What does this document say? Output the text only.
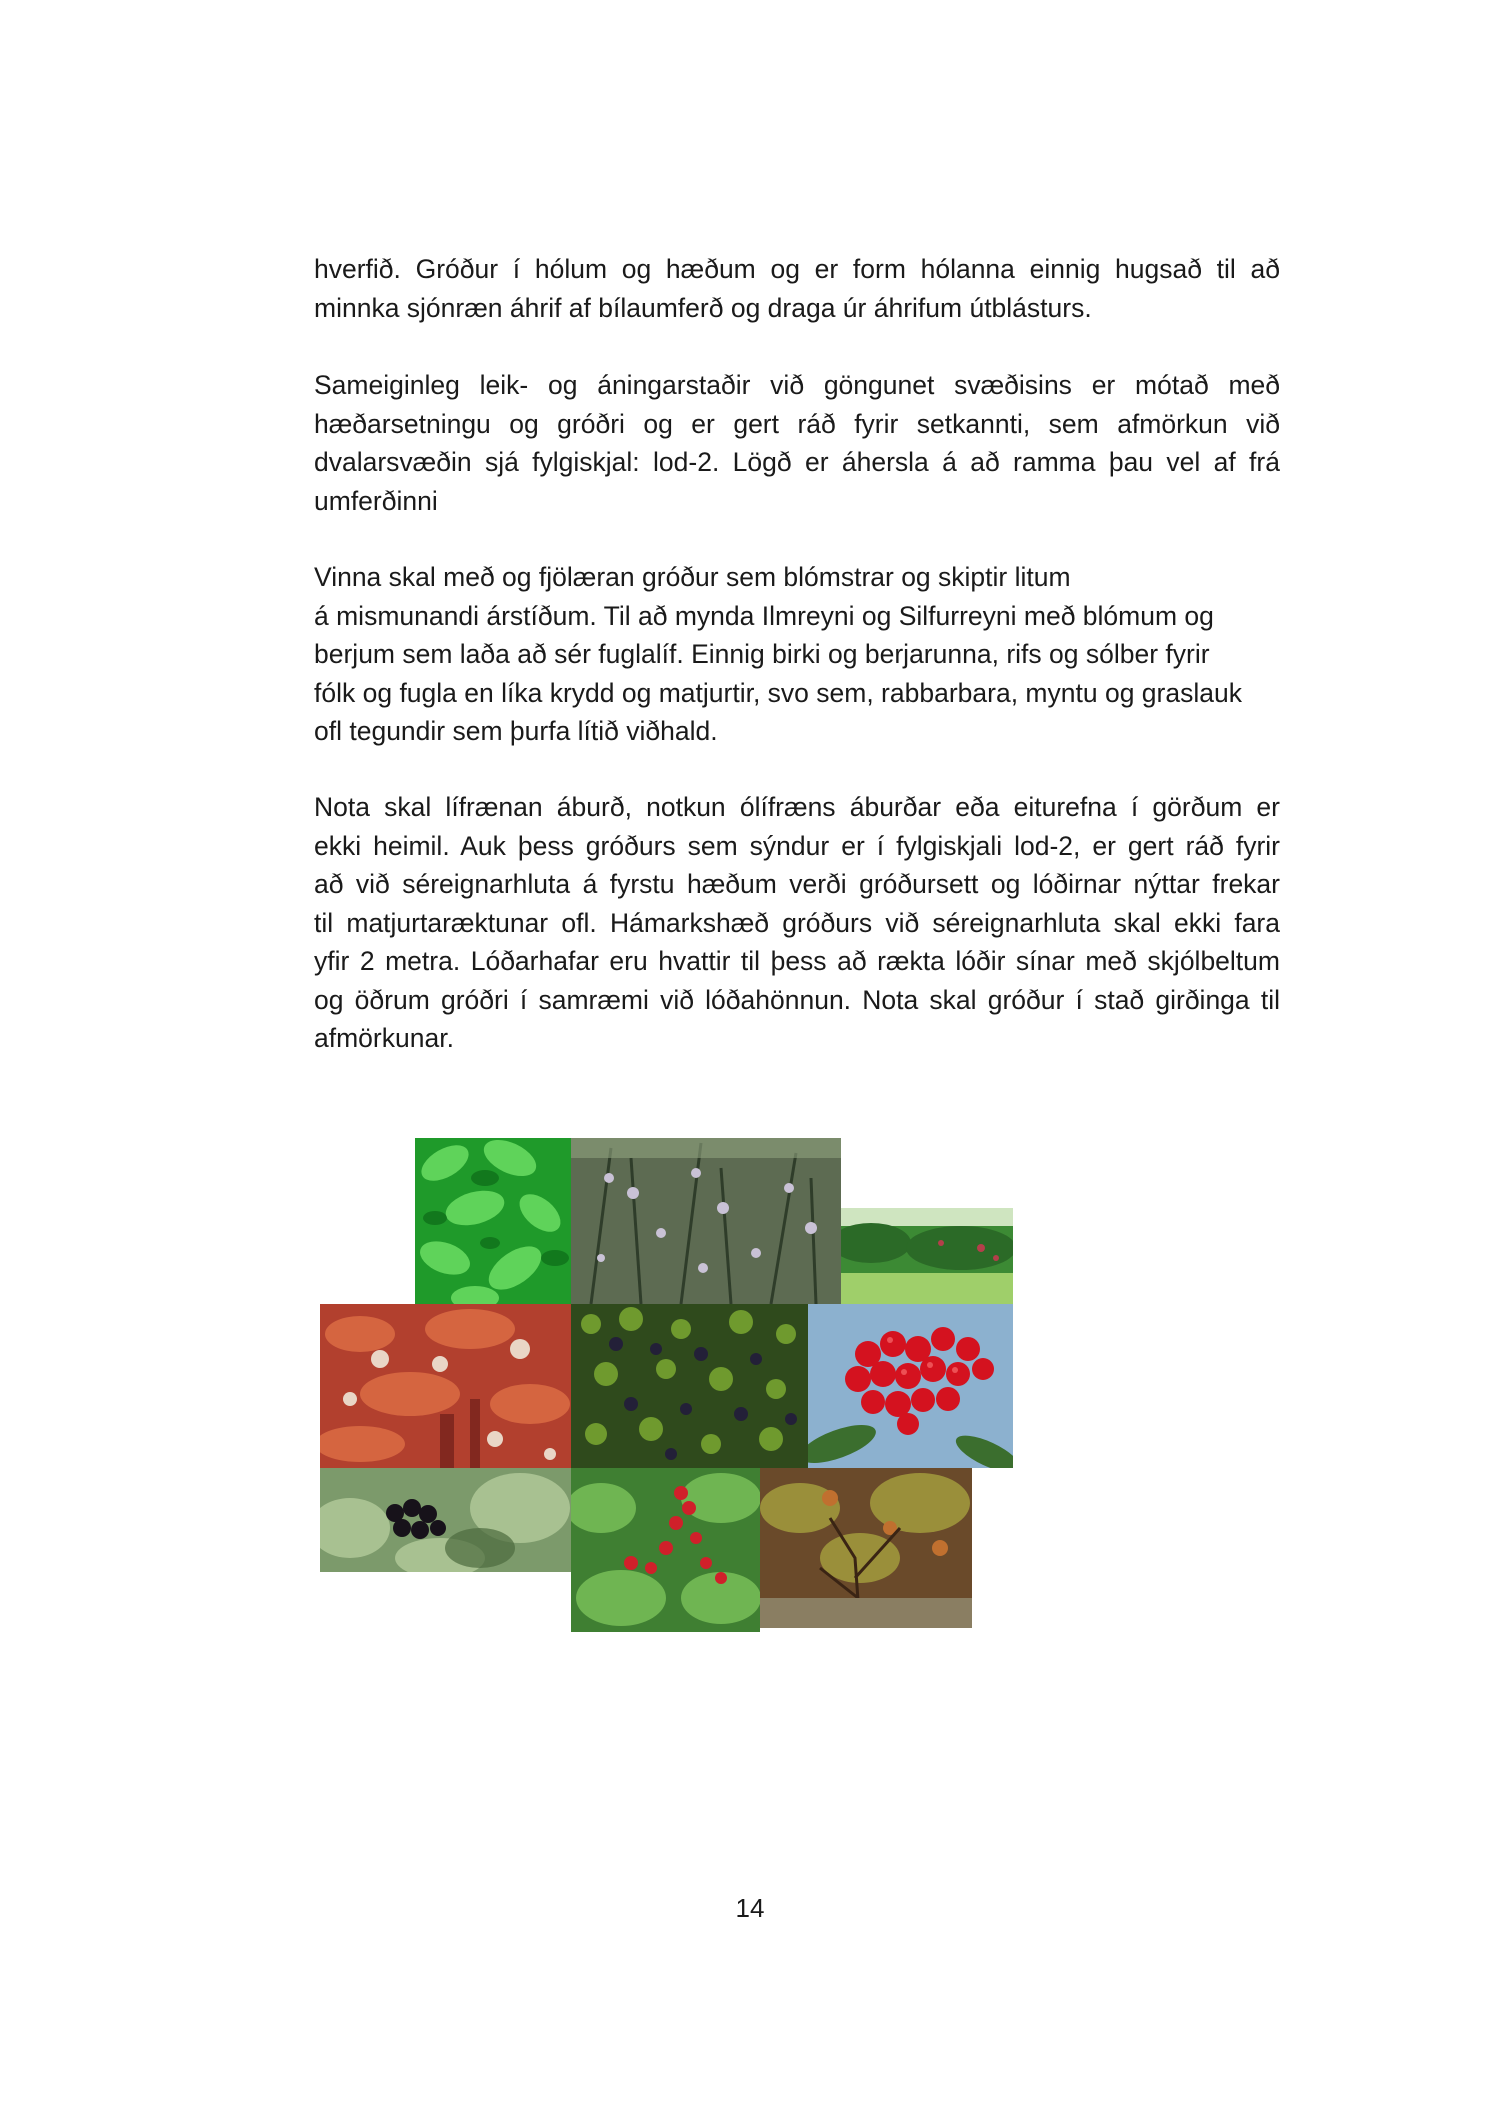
hverfið. Gróður í hólum og hæðum og er form hólanna einnig hugsað til að
minnka sjónræn áhrif af bílaumferð og draga úr áhrifum útblásturs.
Sameiginleg leik- og áningarstaðir við göngunet svæðisins er mótað með
hæðarsetningu og gróðri og er gert ráð fyrir setkannti, sem afmörkun við
dvalarsvæðin sjá fylgiskjal: lod-2. Lögð er áhersla á að ramma þau vel af frá
umferðinni
Vinna skal með og fjölæran gróður sem blómstrar og skiptir litum
á mismunandi árstíðum. Til að mynda Ilmreyni og Silfurreyni með blómum og
berjum sem laða að sér fuglalíf. Einnig birki og berjarunna, rifs og sólber fyrir
fólk og fugla en líka krydd og matjurtir, svo sem, rabbarbara, myntu og graslauk
ofl tegundir sem þurfa lítið viðhald.
Nota skal lífrænan áburð, notkun ólífræns áburðar eða eiturefna í görðum er
ekki heimil. Auk þess gróðurs sem sýndur er í fylgiskjali lod-2, er gert ráð fyrir
að við séreignarhluta á fyrstu hæðum verði gróðursett og lóðirnar nýttar frekar
til matjurtaræktunar ofl. Hámarkshæð gróðurs við séreignarhluta skal ekki fara
yfir 2 metra. Lóðarhafar eru hvattir til þess að rækta lóðir sínar með skjólbeltum
og öðrum gróðri í samræmi við lóðahönnun. Nota skal gróður í stað girðinga til
afmörkunar.
14
